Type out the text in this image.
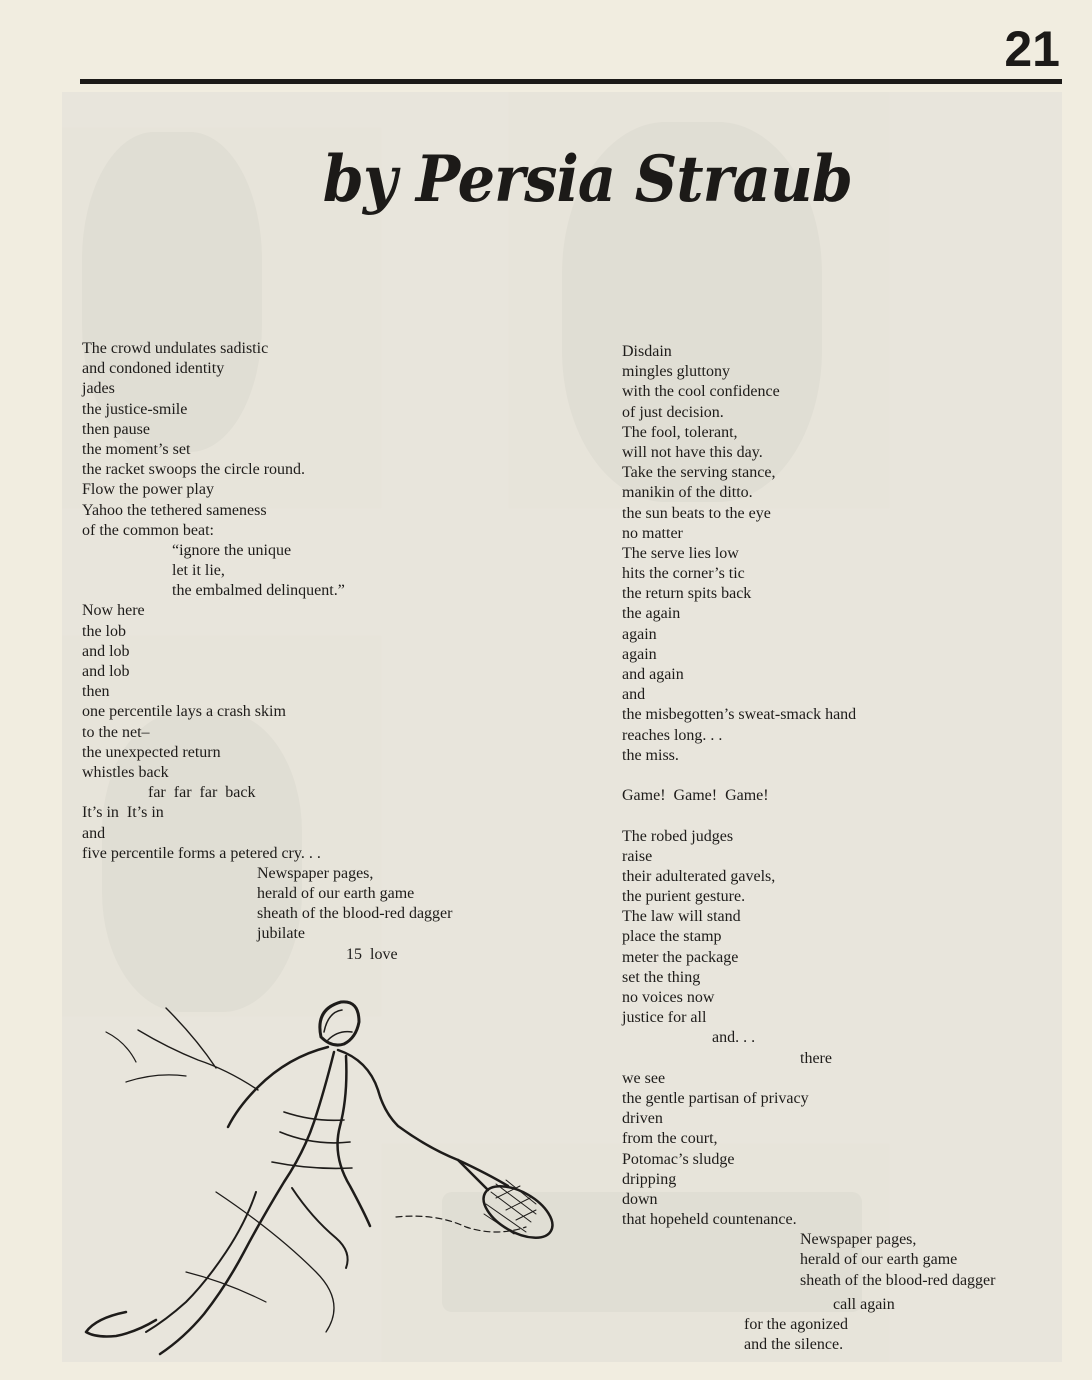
21
by Persia Straub
The crowd undulates sadistic
and condoned identity
jades
the justice-smile
then pause
the moment’s set
the racket swoops the circle round.
Flow the power play
Yahoo the tethered sameness
of the common beat:
“ignore the unique
let it lie,
the embalmed delinquent.”
Now here
the lob
and lob
and lob
then
one percentile lays a crash skim
to the net–
the unexpected return
whistles back
far  far  far  back
It’s in  It’s in
and
five percentile forms a petered cry. . .
Newspaper pages,
herald of our earth game
sheath of the blood-red dagger
jubilate
15  love
Disdain
mingles gluttony
with the cool confidence
of just decision.
The fool, tolerant,
will not have this day.
Take the serving stance,
manikin of the ditto.
the sun beats to the eye
no matter
The serve lies low
hits the corner’s tic
the return spits back
the again
again
again
and again
and
the misbegotten’s sweat-smack hand
reaches long. . .
the miss.
Game!  Game!  Game!
The robed judges
raise
their adulterated gavels,
the purient gesture.
The law will stand
place the stamp
meter the package
set the thing
no voices now
justice for all
and. . .
there
we see
the gentle partisan of privacy
driven
from the court,
Potomac’s sludge
dripping
down
that hopeheld countenance.
Newspaper pages,
herald of our earth game
sheath of the blood-red dagger
call again
for the agonized
and the silence.
